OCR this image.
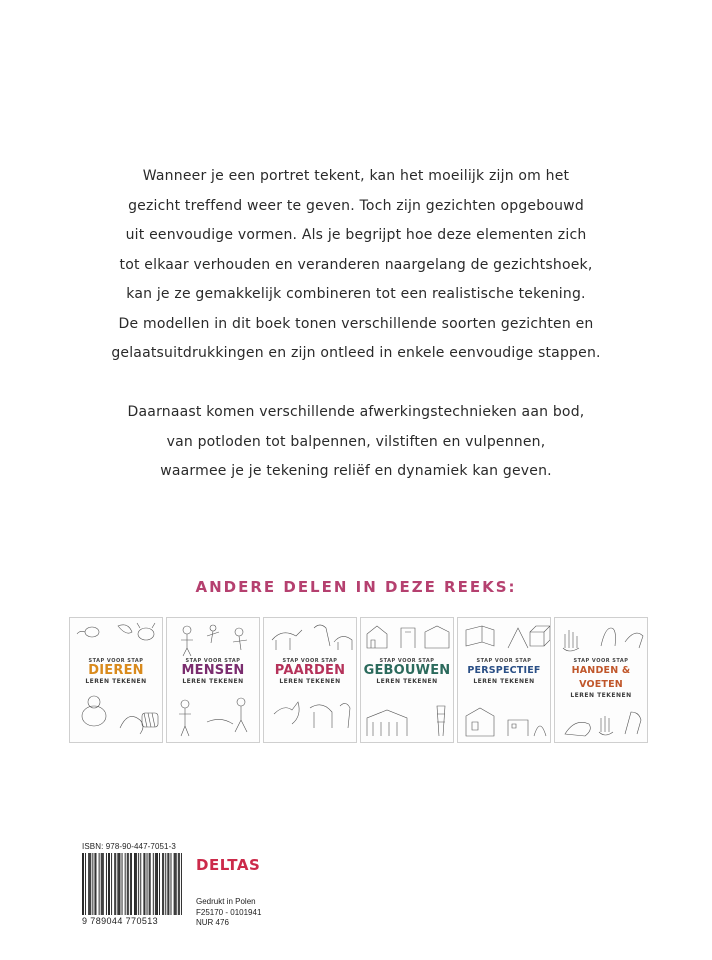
Wanneer je een portret tekent, kan het moeilijk zijn om het

gezicht treffend weer te geven. Toch zijn gezichten opgebouwd

uit eenvoudige vormen. Als je begrijpt hoe deze elementen zich

tot elkaar verhouden en veranderen naargelang de gezichtshoek,

kan je ze gemakkelijk combineren tot een realistische tekening.

De modellen in dit boek tonen verschillende soorten gezichten en

gelaatsuitdrukkingen en zijn ontleed in enkele eenvoudige stappen.

Daarnaast komen verschillende afwerkingstechnieken aan bod,

van potloden tot balpennen, vilstiften en vulpennen,

waarmee je je tekening reliëf en dynamiek kan geven.

ANDERE DELEN IN DEZE REEKS:
STAP VOOR STAP
DIEREN
LEREN TEKENEN
STAP VOOR STAP
MENSEN
LEREN TEKENEN
STAP VOOR STAP
PAARDEN
LEREN TEKENEN
STAP VOOR STAP
GEBOUWEN
LEREN TEKENEN
STAP VOOR STAP
PERSPECTIEF
LEREN TEKENEN
STAP VOOR STAP
HANDEN & VOETEN
LEREN TEKENEN
ISBN: 978-90-447-7051-3
9 789044 770513
DELTAS
Gedrukt in Polen
F25170 - 0101941
NUR 476
